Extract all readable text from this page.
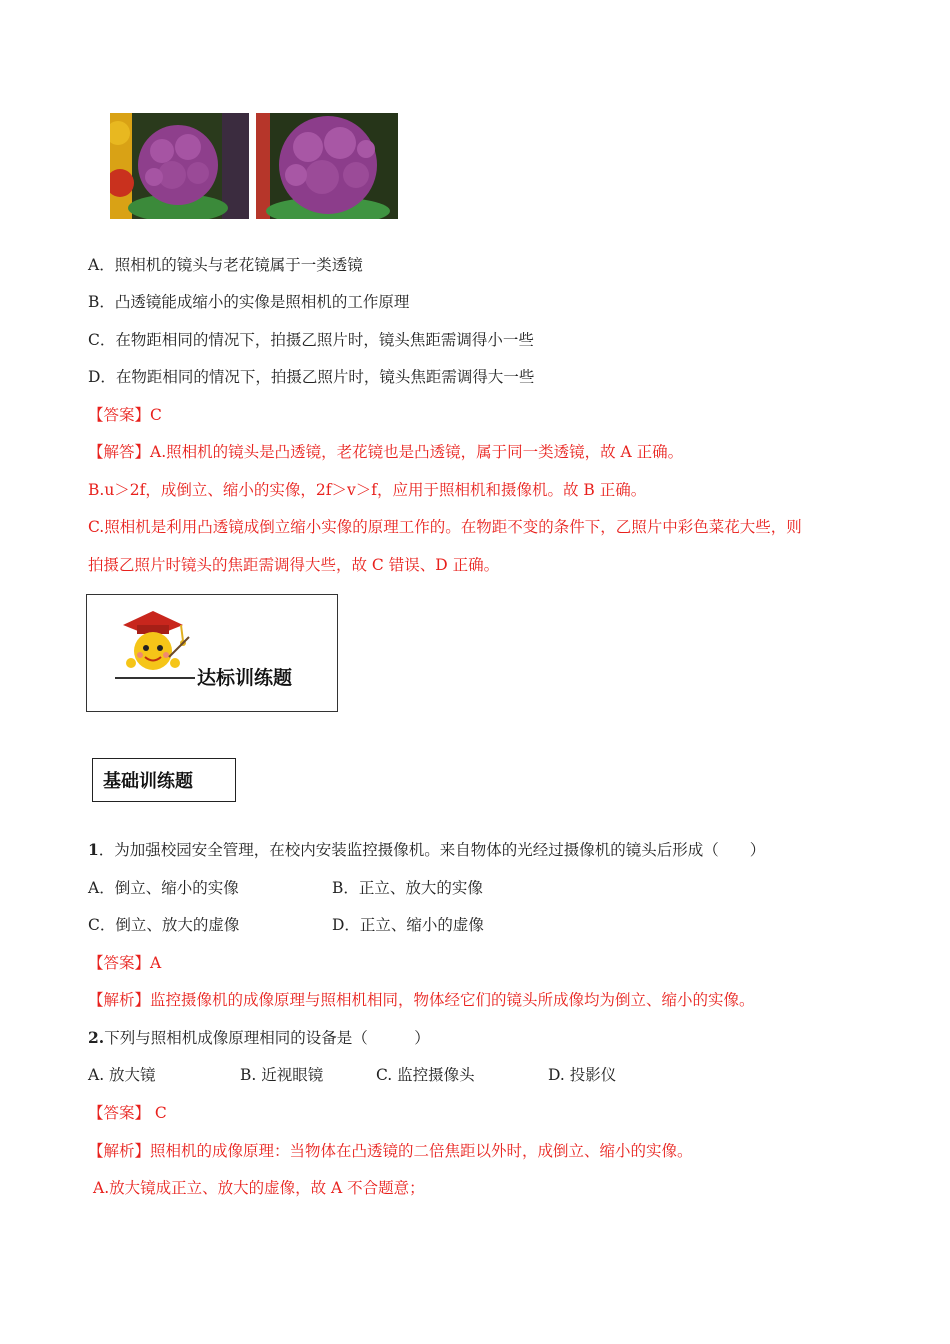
A．照相机的镜头与老花镜属于一类透镜
B．凸透镜能成缩小的实像是照相机的工作原理
C．在物距相同的情况下，拍摄乙照片时，镜头焦距需调得小一些
D．在物距相同的情况下，拍摄乙照片时，镜头焦距需调得大一些
【答案】C
【解答】A.照相机的镜头是凸透镜，老花镜也是凸透镜，属于同一类透镜，故 A 正确。
B.u＞2f，成倒立、缩小的实像，2f＞v＞f，应用于照相机和摄像机。故 B 正确。
C.照相机是利用凸透镜成倒立缩小实像的原理工作的。在物距不变的条件下，乙照片中彩色菜花大些，则
拍摄乙照片时镜头的焦距需调得大些，故 C 错误、D 正确。
达标训练题
基础训练题
1．为加强校园安全管理，在校内安装监控摄像机。来自物体的光经过摄像机的镜头后形成（　　）
A．倒立、缩小的实像	B．正立、放大的实像
C．倒立、放大的虚像	D．正立、缩小的虚像
【答案】A
【解析】监控摄像机的成像原理与照相机相同，物体经它们的镜头所成像均为倒立、缩小的实像。
2.下列与照相机成像原理相同的设备是（　　　）
A. 放大镜	B. 近视眼镜	C. 监控摄像头	D. 投影仪
【答案】 C
【解析】照相机的成像原理：当物体在凸透镜的二倍焦距以外时，成倒立、缩小的实像。
A.放大镜成正立、放大的虚像，故 A 不合题意；
